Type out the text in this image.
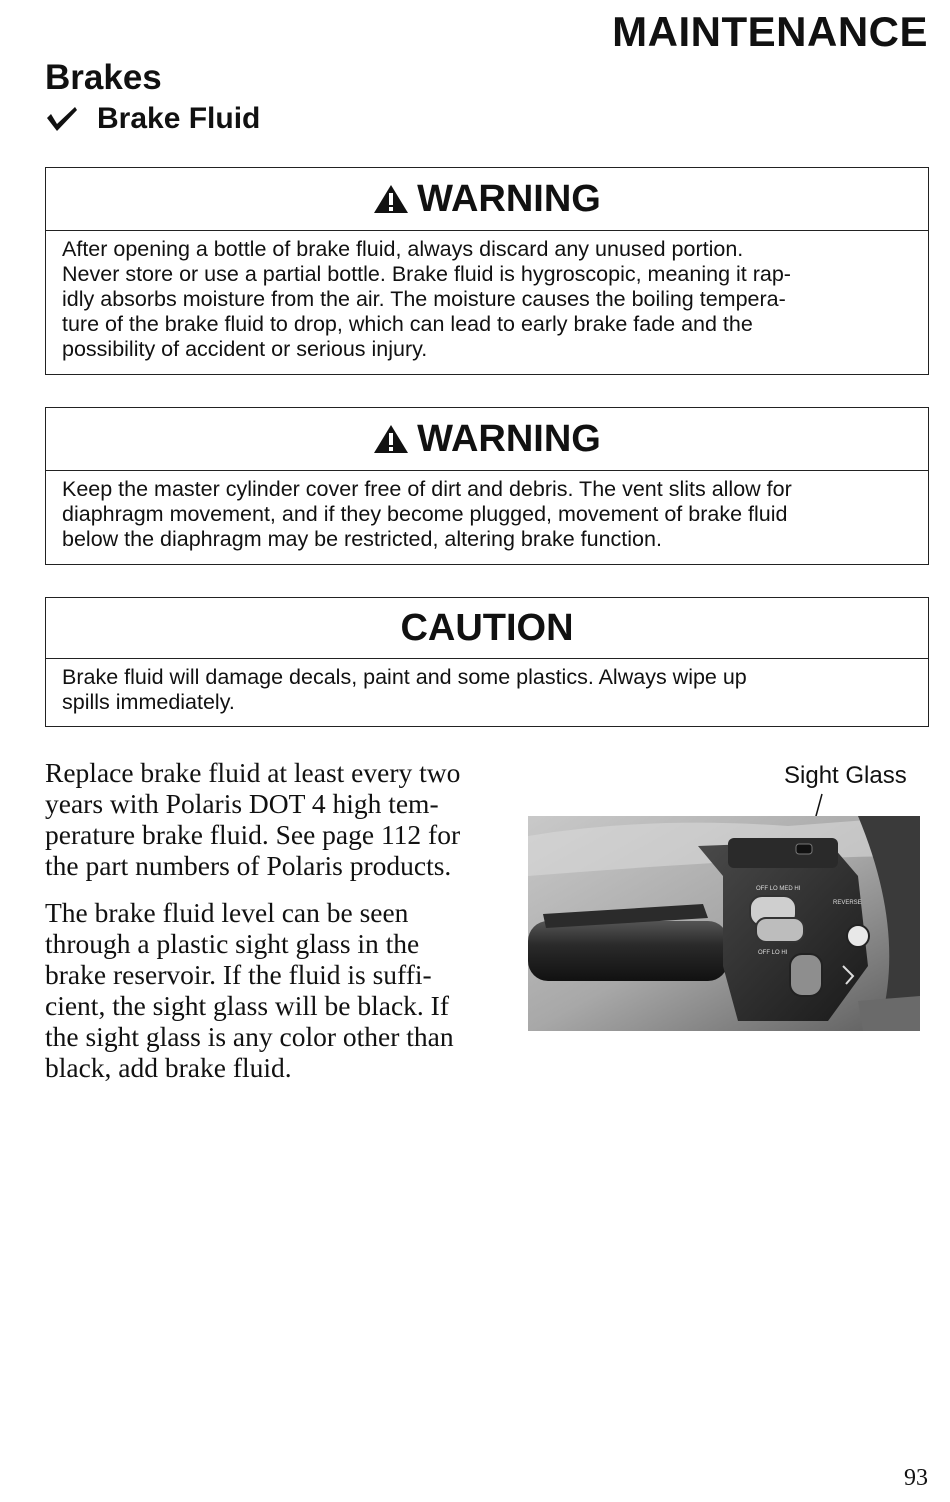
MAINTENANCE
Brakes
Brake Fluid
WARNING
After opening a bottle of brake fluid, always discard any unused portion.
Never store or use a partial bottle. Brake fluid is hygroscopic, meaning it rap-
idly absorbs moisture from the air. The moisture causes the boiling tempera-
ture of the brake fluid to drop, which can lead to early brake fade and the
possibility of accident or serious injury.
WARNING
Keep the master cylinder cover free of dirt and debris. The vent slits allow for
diaphragm movement, and if they become plugged, movement of brake fluid
below the diaphragm may be restricted, altering brake function.
CAUTION
Brake fluid will damage decals, paint and some plastics. Always wipe up
spills immediately.

Replace brake fluid at least every two
years with Polaris DOT 4 high tem-
perature brake fluid. See page 112 for
the part numbers of Polaris products.

The brake fluid level can be seen
through a plastic sight glass in the
brake reservoir. If the fluid is suffi-
cient, the sight glass will be black. If
the sight glass is any color other than
black, add brake fluid.

Sight Glass
OFF LO MED HI
REVERSE
OFF LO HI
93
